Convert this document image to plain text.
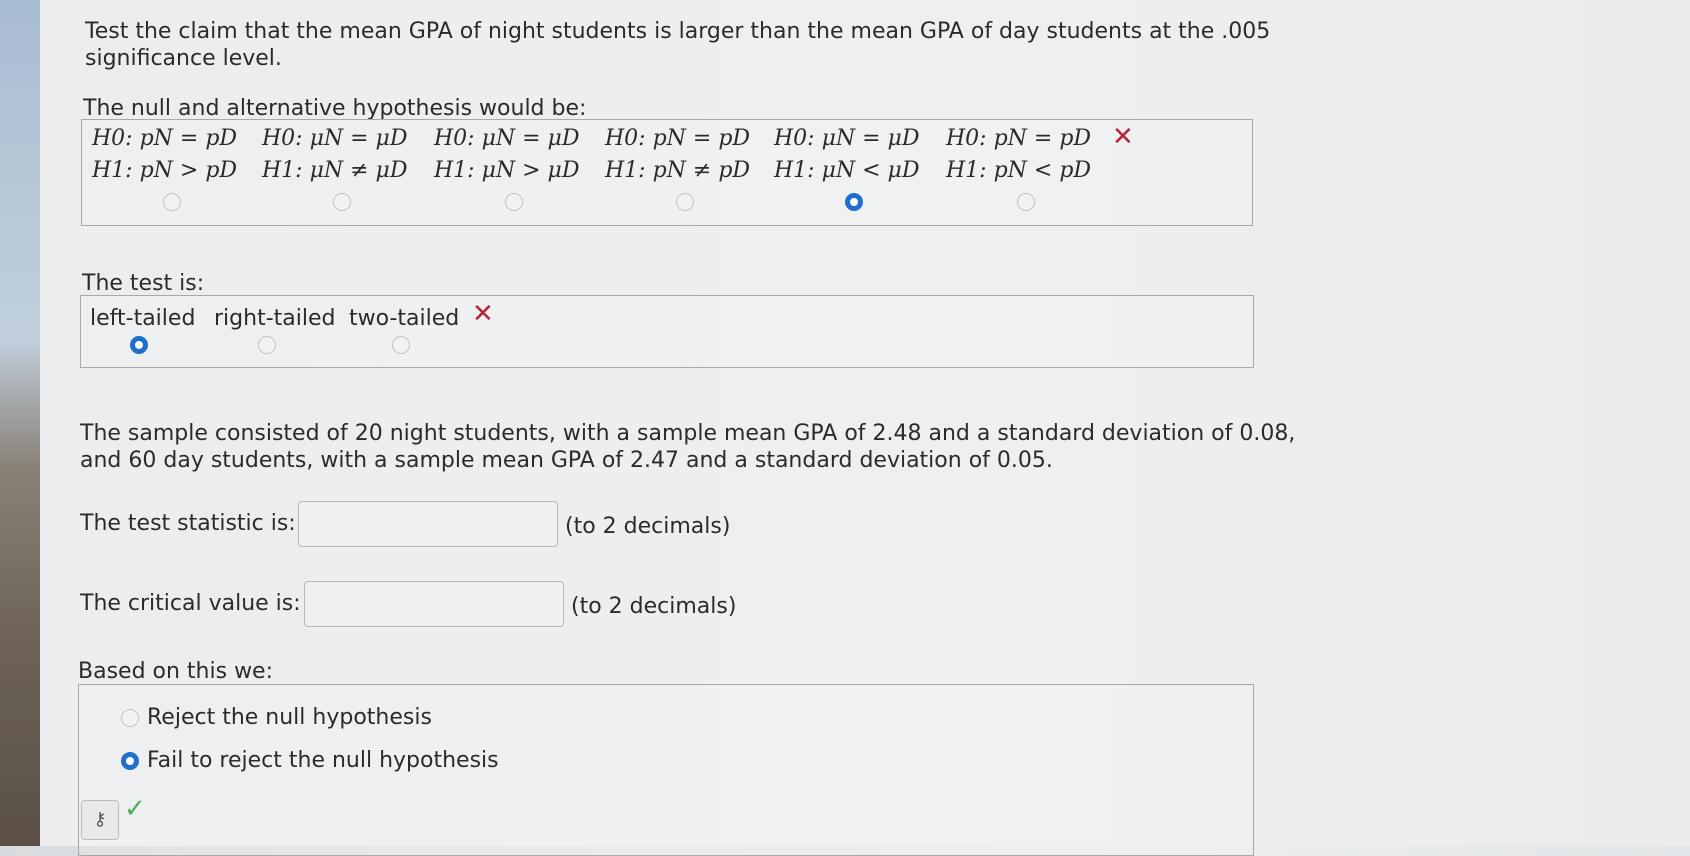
Test the claim that the mean GPA of night students is larger than the mean GPA of day students at the .005
significance level.
The null and alternative hypothesis would be:
H0: pN = pD
H1: pN > pD
H0: μN = μD
H1: μN ≠ μD
H0: μN = μD
H1: μN > μD
H0: pN = pD
H1: pN ≠ pD
H0: μN = μD
H1: μN < μD
H0: pN = pD
H1: pN < pD
✕
The test is:
left-tailed right-tailed two-tailed ✕
The sample consisted of 20 night students, with a sample mean GPA of 2.48 and a standard deviation of 0.08,
and 60 day students, with a sample mean GPA of 2.47 and a standard deviation of 0.05.
The test statistic is:	(to 2 decimals)
The critical value is:	(to 2 decimals)
Based on this we:
Reject the null hypothesis
Fail to reject the null hypothesis
⚷ ✓
